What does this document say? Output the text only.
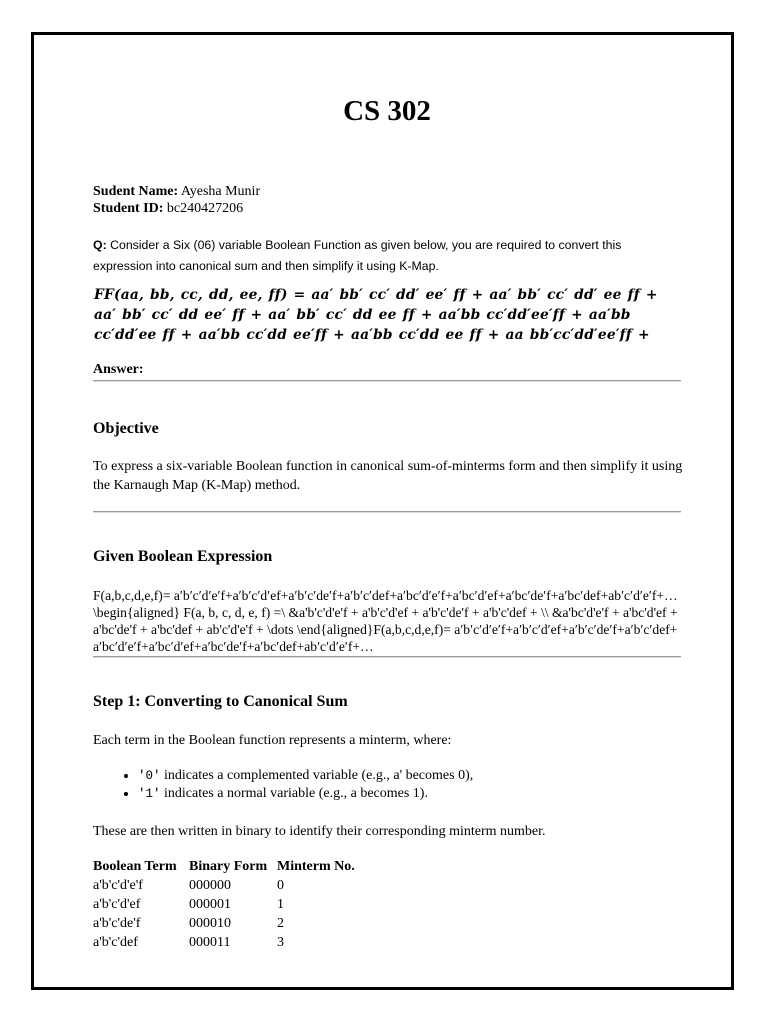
CS 302
Sudent Name: Ayesha Munir
Student ID: bc240427206
Q: Consider a Six (06) variable Boolean Function as given below, you are required to convert this expression into canonical sum and then simplify it using K-Map.
FF(aa, bb, cc, dd, ee, ff) = aa′ bb′ cc′ dd′ ee′ ff + aa′ bb′ cc′ dd′ ee ff + aa′ bb′ cc′ dd ee′ ff + aa′ bb′ cc′ dd ee ff + aa′bb cc′dd′ee′ff + aa′bb cc′dd′ee ff + aa′bb cc′dd ee′ff + aa′bb cc′dd ee ff + aa bb′cc′dd′ee′ff +
Answer:
Objective
To express a six-variable Boolean function in canonical sum-of-minterms form and then simplify it using the Karnaugh Map (K-Map) method.
Given Boolean Expression
F(a,b,c,d,e,f)= a′b′c′d′e′f+a′b′c′d′ef+a′b′c′de′f+a′b′c′def+a′bc′d′e′f+a′bc′d′ef+a′bc′de′f+a′bc′def+ab′c′d′e′f+…\begin{aligned} F(a, b, c, d, e, f) =\ &a'b'c'd'e'f + a'b'c'd'ef + a'b'c'de'f + a'b'c'def + \\ &a'bc'd'e'f + a'bc'd'ef + a'bc'de'f + a'bc'def + ab'c'd'e'f + \dots \end{aligned}F(a,b,c,d,e,f)= a′b′c′d′e′f+a′b′c′d′ef+a′b′c′de′f+a′b′c′def+a′bc′d′e′f+a′bc′d′ef+a′bc′de′f+a′bc′def+ab′c′d′e′f+…
Step 1: Converting to Canonical Sum
Each term in the Boolean function represents a minterm, where:
• '0' indicates a complemented variable (e.g., a' becomes 0),
• '1' indicates a normal variable (e.g., a becomes 1).
These are then written in binary to identify their corresponding minterm number.
Boolean Term	Binary Form	Minterm No.
a'b'c'd'e'f	000000	0
a'b'c'd'ef	000001	1
a'b'c'de'f	000010	2
a'b'c'def	000011	3
